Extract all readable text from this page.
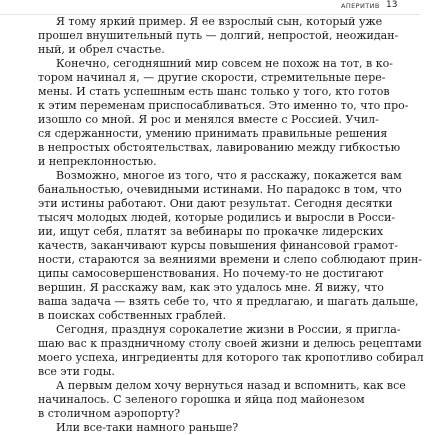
АПЕРИТИВ 13
Я тому яркий пример. Я ее взрослый сын, который уже
прошел внушительный путь — долгий, непростой, неожидан-
ный, и обрел счастье.
Конечно, сегодняшний мир совсем не похож на тот, в ко-
тором начинал я, — другие скорости, стремительные пере-
мены. И стать успешным есть шанс только у того, кто готов
к этим переменам приспосабливаться. Это именно то, что про-
изошло со мной. Я рос и менялся вместе с Россией. Учил-
ся сдержанности, умению принимать правильные решения
в непростых обстоятельствах, лавированию между гибкостью
и непреклонностью.
Возможно, многое из того, что я расскажу, покажется вам
банальностью, очевидными истинами. Но парадокс в том, что
эти истины работают. Они дают результат. Сегодня десятки
тысяч молодых людей, которые родились и выросли в Росси-
ии, ищут себя, платят за вебинары по прокачке лидерских
качеств, заканчивают курсы повышения финансовой грамот-
ности, стараются за веяниями времени и слепо соблюдают прин-
ципы самосовершенствования. Но почему-то не достигают
вершин. Я расскажу вам, как это удалось мне. Я вижу, что
ваша задача — взять себе то, что я предлагаю, и шагать дальше,
в поисках собственных граблей.
Сегодня, празднуя сорокалетие жизни в России, я пригла-
шаю вас к праздничному столу своей жизни и делюсь рецептами
моего успеха, ингредиенты для которого так кропотливо собирал
все эти годы.
А первым делом хочу вернуться назад и вспомнить, как все
начиналось. С зеленого горошка и яйца под майонезом
в столичном аэропорту?
Или все-таки намного раньше?
